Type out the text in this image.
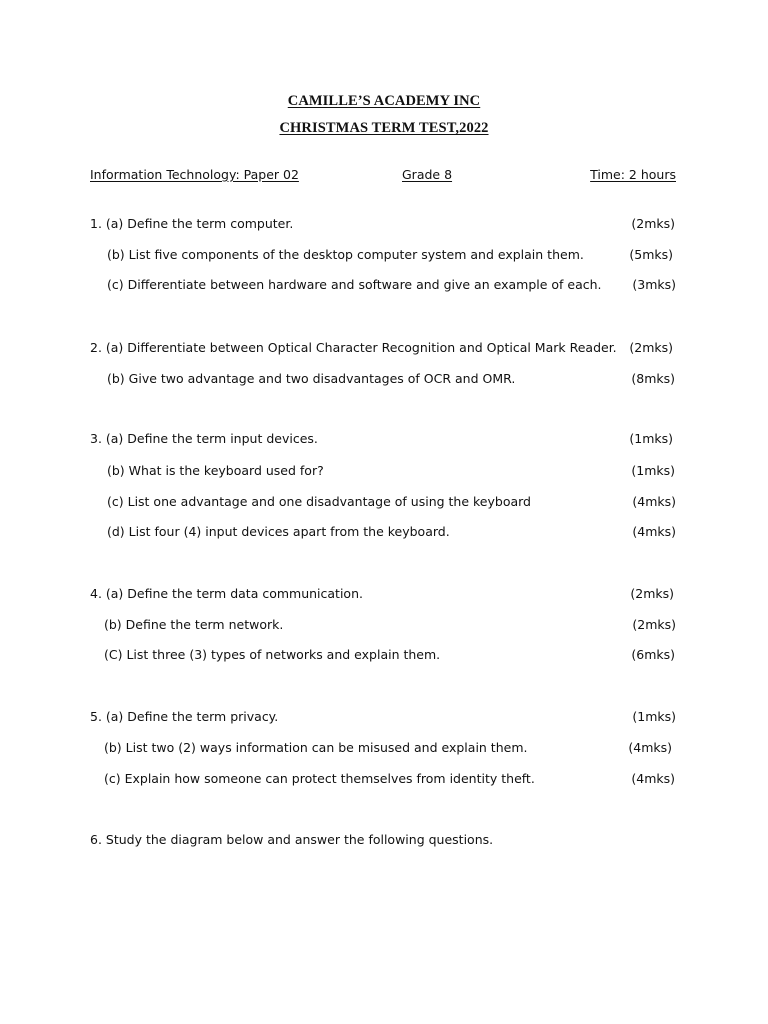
CAMILLE’S ACADEMY INC
CHRISTMAS TERM TEST,2022
Information Technology: Paper 02	Grade 8	Time: 2 hours
1. (a) Define the term computer.	(2mks)
(b) List five components of the desktop computer system and explain them.	(5mks)
(c) Differentiate between hardware and software and give an example of each. (3mks)
2. (a) Differentiate between Optical Character Recognition and Optical Mark Reader. (2mks)
(b) Give two advantage and two disadvantages of OCR and OMR.	(8mks)
3. (a) Define the term input devices.	(1mks)
(b) What is the keyboard used for?	(1mks)
(c) List one advantage and one disadvantage of using the keyboard	(4mks)
(d) List four (4) input devices apart from the keyboard.	(4mks)
4. (a) Define the term data communication.	(2mks)
(b) Define the term network.	(2mks)
(C) List three (3) types of networks and explain them.	(6mks)
5. (a) Define the term privacy.	(1mks)
(b) List two (2) ways information can be misused and explain them.	(4mks)
(c) Explain how someone can protect themselves from identity theft.	(4mks)
6. Study the diagram below and answer the following questions.
